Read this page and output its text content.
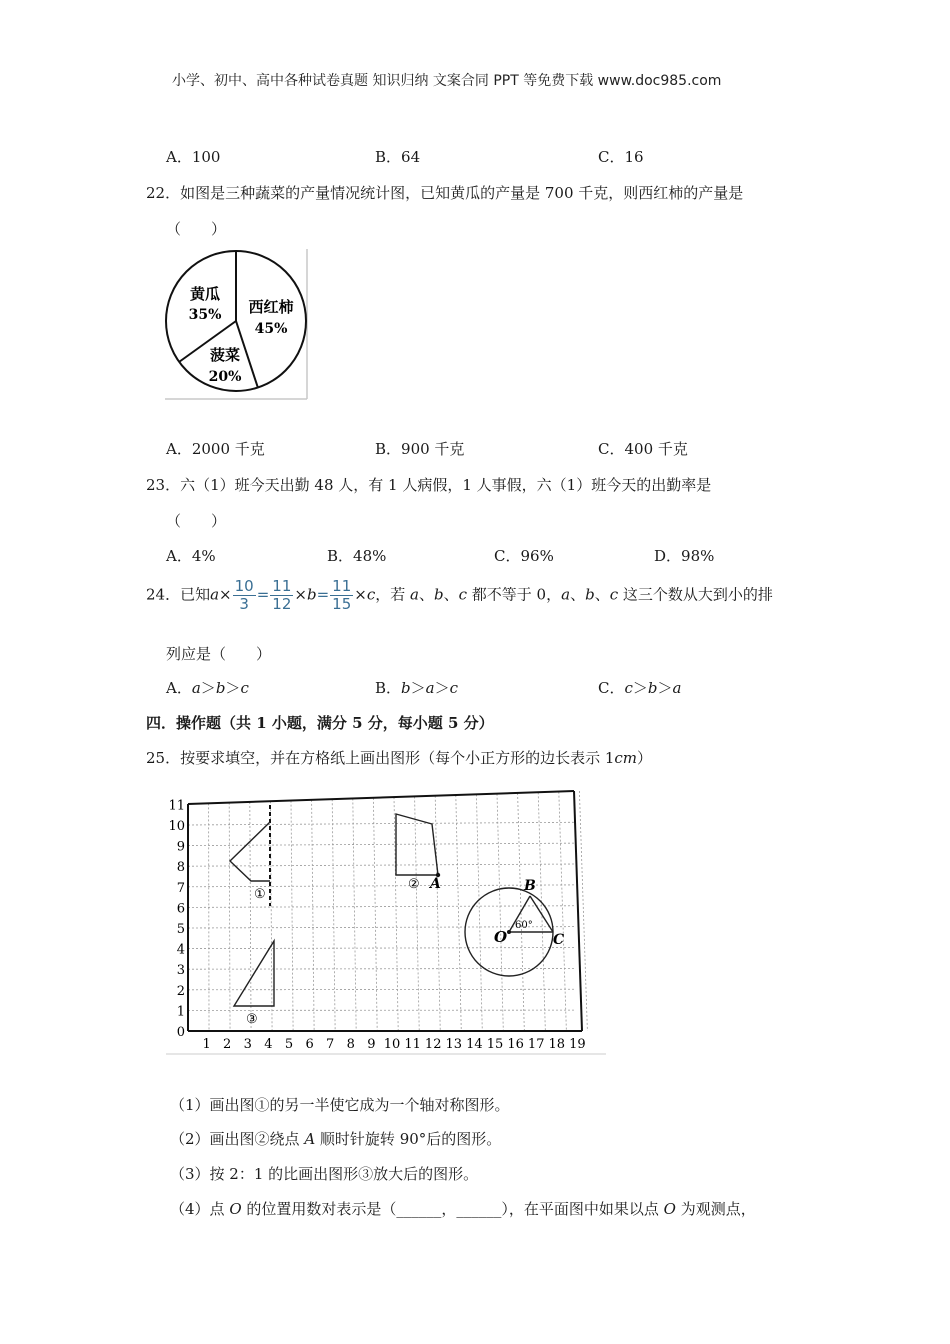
小学、初中、高中各种试卷真题 知识归纳 文案合同 PPT 等免费下载 www.doc985.com
A．100	B．64	C．16
22．如图是三种蔬菜的产量情况统计图，已知黄瓜的产量是 700 千克，则西红柿的产量是
（　　）
黄瓜
35% 西红柿
45%
菠菜
20%
A．2000 千克	B．900 千克	C．400 千克
23．六（1）班今天出勤 48 人，有 1 人病假，1 人事假，六（1）班今天的出勤率是
（　　）
A．4%	B．48%	C．96%	D．98%
24．已知$a\times \frac{10}{3} = \frac{11}{12} \times b= \frac{11}{15} \times c$，若 a、b、c 都不等于 0，a、b、c 这三个数从大到小的排
列应是（　　）
A．a＞b＞c	B．b＞a＞c	C．c＞b＞a
四．操作题（共 1 小题，满分 5 分，每小题 5 分）
25．按要求填空，并在方格纸上画出图形（每个小正方形的边长表示 1cm）
0
1
2
3
4
5
6
7
8
9
10
11
1 2 3 4 5 6 7 8 9 10 11 12 13 14 15 16 17 18 19
①
② A
③
60°
B
O	C
（1）画出图①的另一半使它成为一个轴对称图形。
（2）画出图②绕点 A 顺时针旋转 90°后的图形。
（3）按 2：1 的比画出图形③放大后的图形。
（4）点 O 的位置用数对表示是（______，______），在平面图中如果以点 O 为观测点，
